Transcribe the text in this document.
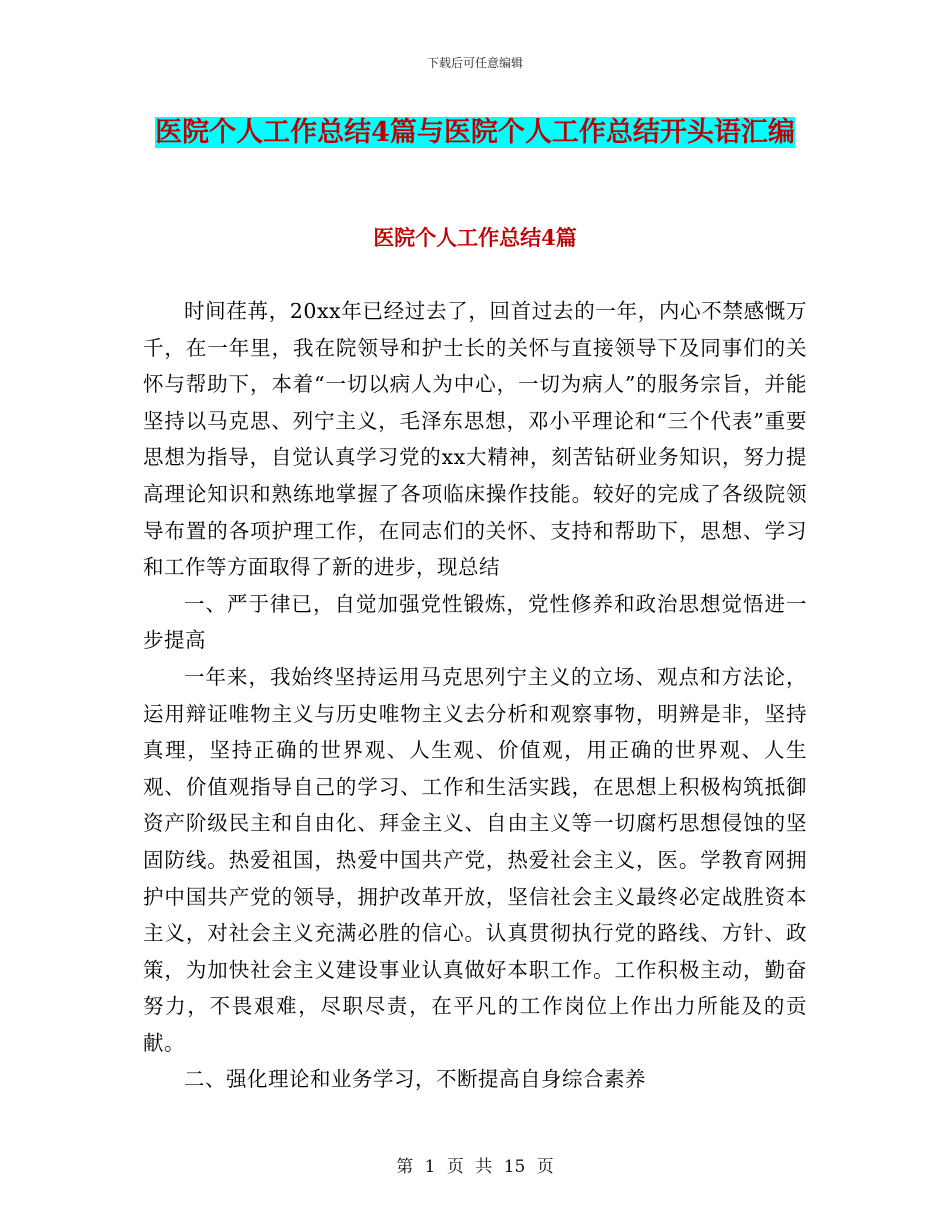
下载后可任意编辑
医院个人工作总结4篇与医院个人工作总结开头语汇编
医院个人工作总结4篇

时间荏苒，20xx年已经过去了，回首过去的一年，内心不禁感慨万千，在一年里，我在院领导和护士长的关怀与直接领导下及同事们的关怀与帮助下，本着“一切以病人为中心，一切为病人”的服务宗旨，并能坚持以马克思、列宁主义，毛泽东思想，邓小平理论和“三个代表”重要思想为指导，自觉认真学习党的xx大精神，刻苦钻研业务知识，努力提高理论知识和熟练地掌握了各项临床操作技能。较好的完成了各级院领导布置的各项护理工作，在同志们的关怀、支持和帮助下，思想、学习和工作等方面取得了新的进步，现总结

一、严于律已，自觉加强党性锻炼，党性修养和政治思想觉悟进一步提高

一年来，我始终坚持运用马克思列宁主义的立场、观点和方法论，运用辩证唯物主义与历史唯物主义去分析和观察事物，明辨是非，坚持真理，坚持正确的世界观、人生观、价值观，用正确的世界观、人生观、价值观指导自己的学习、工作和生活实践，在思想上积极构筑抵御资产阶级民主和自由化、拜金主义、自由主义等一切腐朽思想侵蚀的坚固防线。热爱祖国，热爱中国共产党，热爱社会主义，医。学教育网拥护中国共产党的领导，拥护改革开放，坚信社会主义最终必定战胜资本主义，对社会主义充满必胜的信心。认真贯彻执行党的路线、方针、政策，为加快社会主义建设事业认真做好本职工作。工作积极主动，勤奋努力，不畏艰难，尽职尽责，在平凡的工作岗位上作出力所能及的贡献。

二、强化理论和业务学习，不断提高自身综合素养

第 1 页 共 15 页
